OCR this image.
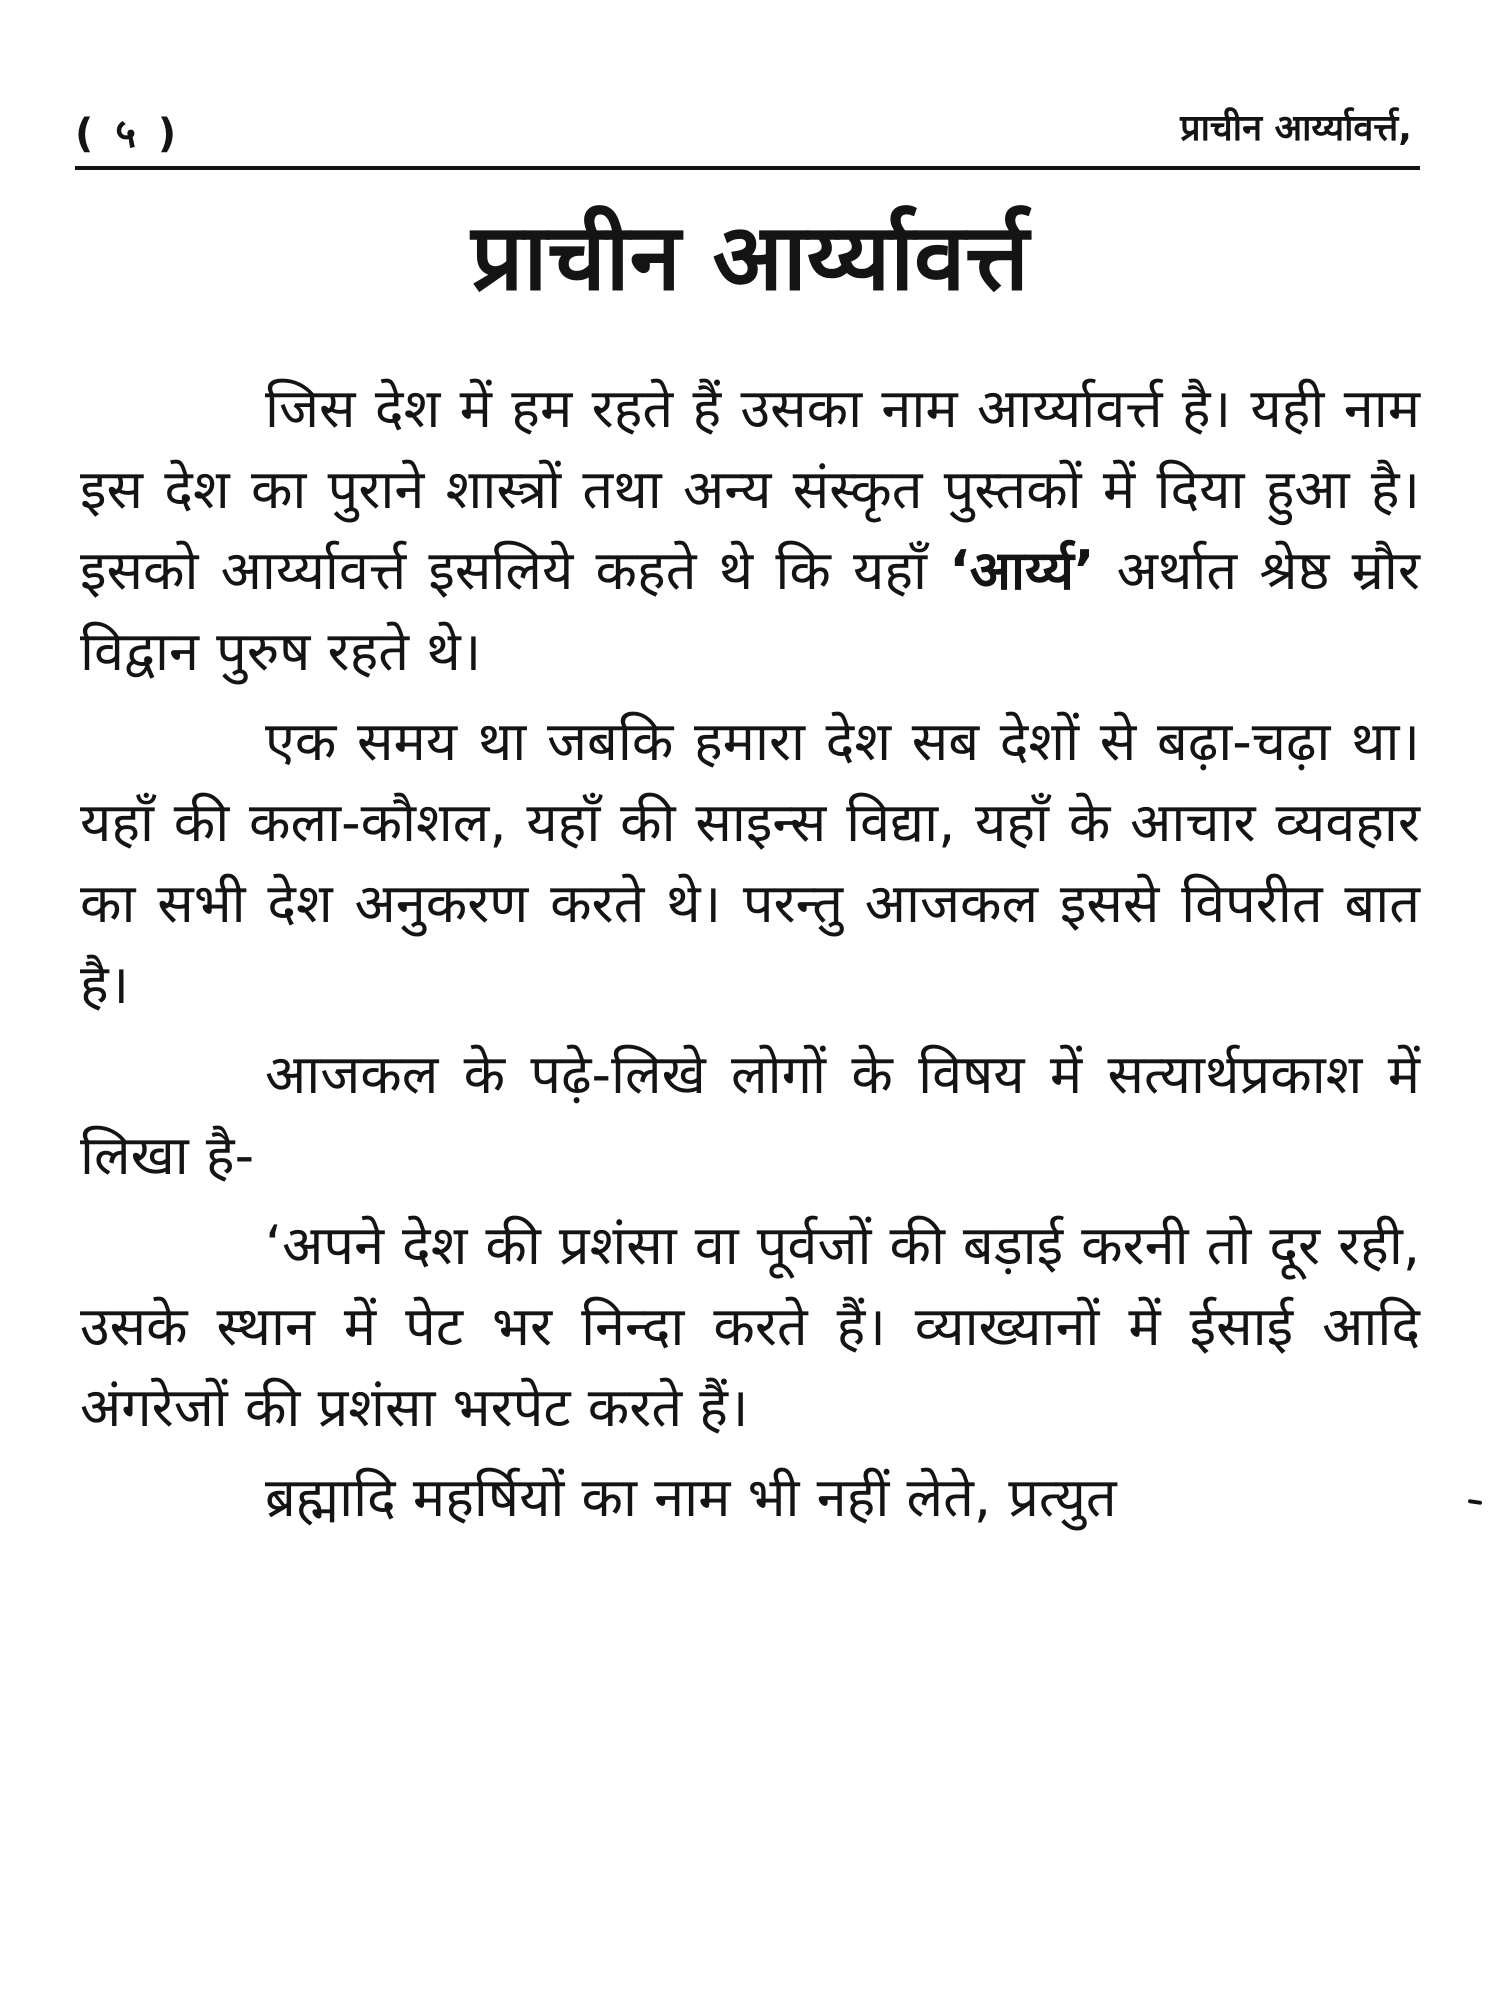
( ५ )	प्राचीन आर्य्यावर्त्त,
प्राचीन आर्य्यावर्त्त

जिस देश में हम रहते हैं उसका नाम आर्य्यावर्त्त है। यही नाम इस देश का पुराने शास्त्रों तथा अन्य संस्कृत पुस्तकों में दिया हुआ है। इसको आर्य्यावर्त्त इसलिये कहते थे कि यहाँ ‘आर्य्य’ अर्थात श्रेष्ठ म्रौर विद्वान पुरुष रहते थे।

एक समय था जबकि हमारा देश सब देशों से बढ़ा-चढ़ा था। यहाँ की कला-कौशल, यहाँ की साइन्स विद्या, यहाँ के आचार व्यवहार का सभी देश अनुकरण करते थे। परन्तु आजकल इससे विपरीत बात है।

आजकल के पढ़े-लिखे लोगों के विषय में सत्यार्थप्रकाश में लिखा है-

‘अपने देश की प्रशंसा वा पूर्वजों की बड़ाई करनी तो दूर रही, उसके स्थान में पेट भर निन्दा करते हैं। व्याख्यानों में ईसाई आदि अंगरेजों की प्रशंसा भरपेट करते हैं।

ब्रह्मादि महर्षियों का नाम भी नहीं लेते, प्रत्युत
